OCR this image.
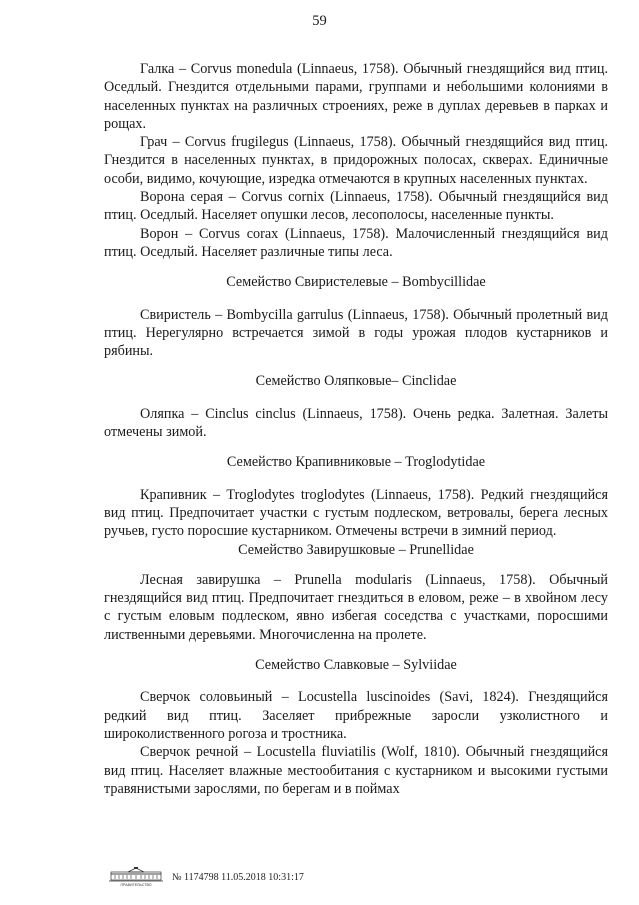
59

Галка – Corvus monedula (Linnaeus, 1758). Обычный гнездящийся вид птиц. Оседлый. Гнездится отдельными парами, группами и небольшими колониями в населенных пунктах на различных строениях, реже в дуплах деревьев в парках и рощах.

Грач – Corvus frugilegus (Linnaeus, 1758). Обычный гнездящийся вид птиц. Гнездится в населенных пунктах, в придорожных полосах, скверах. Единичные особи, видимо, кочующие, изредка отмечаются в крупных населенных пунктах.

Ворона серая – Corvus cornix (Linnaeus, 1758). Обычный гнездящийся вид птиц. Оседлый. Населяет опушки лесов, лесополосы, населенные пункты.

Ворон – Corvus corax (Linnaeus, 1758). Малочисленный гнездящийся вид птиц. Оседлый. Населяет различные типы леса.

Семейство Свиристелевые – Bombycillidae

Свиристель – Bombycilla garrulus (Linnaeus, 1758). Обычный пролетный вид птиц. Нерегулярно встречается зимой в годы урожая плодов кустарников и рябины.

Семейство Оляпковые– Cinclidae

Оляпка – Cinclus cinclus (Linnaeus, 1758). Очень редка. Залетная. Залеты отмечены зимой.

Семейство Крапивниковые – Troglodytidae

Крапивник – Troglodytes troglodytes (Linnaeus, 1758). Редкий гнездящийся вид птиц. Предпочитает участки с густым подлеском, ветровалы, берега лесных ручьев, густо поросшие кустарником. Отмечены встречи в зимний период.

Семейство Завирушковые – Prunellidae

Лесная завирушка – Prunella modularis (Linnaeus, 1758). Обычный гнездящийся вид птиц. Предпочитает гнездиться в еловом, реже – в хвойном лесу с густым еловым подлеском, явно избегая соседства с участками, поросшими лиственными деревьями. Многочисленна на пролете.

Семейство Славковые – Sylviidae

Сверчок соловьиный – Locustella luscinoides (Savi, 1824). Гнездящийся редкий вид птиц. Заселяет прибрежные заросли узколистного и широколиственного рогоза и тростника.

Сверчок речной – Locustella fluviatilis (Wolf, 1810). Обычный гнездящийся вид птиц. Населяет влажные местообитания с кустарником и высокими густыми травянистыми зарослями, по берегам и в поймах

ПРАВИТЕЛЬСТВО
№ 1174798 11.05.2018 10:31:17
